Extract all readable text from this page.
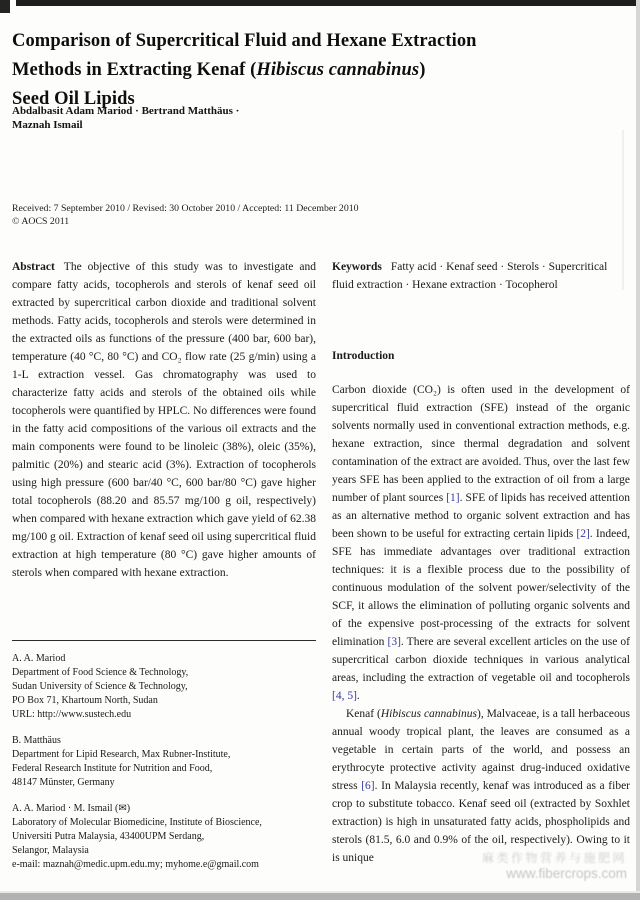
Comparison of Supercritical Fluid and Hexane Extraction
Methods in Extracting Kenaf (Hibiscus cannabinus)
Seed Oil Lipids
Abdalbasit Adam Mariod · Bertrand Matthäus ·
Maznah Ismail
Received: 7 September 2010 / Revised: 30 October 2010 / Accepted: 11 December 2010
© AOCS 2011
Abstract The objective of this study was to investigate and compare fatty acids, tocopherols and sterols of kenaf seed oil extracted by supercritical carbon dioxide and traditional solvent methods. Fatty acids, tocopherols and sterols were determined in the extracted oils as functions of the pressure (400 bar, 600 bar), temperature (40 °C, 80 °C) and CO₂ flow rate (25 g/min) using a 1-L extraction vessel. Gas chromatography was used to characterize fatty acids and sterols of the obtained oils while tocopherols were quantified by HPLC. No differences were found in the fatty acid compositions of the various oil extracts and the main components were found to be linoleic (38%), oleic (35%), palmitic (20%) and stearic acid (3%). Extraction of tocopherols using high pressure (600 bar/40 °C, 600 bar/80 °C) gave higher total tocopherols (88.20 and 85.57 mg/100 g oil, respectively) when compared with hexane extraction which gave yield of 62.38 mg/100 g oil. Extraction of kenaf seed oil using supercritical fluid extraction at high temperature (80 °C) gave higher amounts of sterols when compared with hexane extraction.
Keywords Fatty acid · Kenaf seed · Sterols · Supercritical fluid extraction · Hexane extraction · Tocopherol
Introduction

Carbon dioxide (CO₂) is often used in the development of supercritical fluid extraction (SFE) instead of the organic solvents normally used in conventional extraction methods, e.g. hexane extraction, since thermal degradation and solvent contamination of the extract are avoided. Thus, over the last few years SFE has been applied to the extraction of oil from a large number of plant sources [1]. SFE of lipids has received attention as an alternative method to organic solvent extraction and has been shown to be useful for extracting certain lipids [2]. Indeed, SFE has immediate advantages over traditional extraction techniques: it is a flexible process due to the possibility of continuous modulation of the solvent power/selectivity of the SCF, it allows the elimination of polluting organic solvents and of the expensive post-processing of the extracts for solvent elimination [3]. There are several excellent articles on the use of supercritical carbon dioxide techniques in various analytical areas, including the extraction of vegetable oil and tocopherols [4, 5].

Kenaf (Hibiscus cannabinus), Malvaceae, is a tall herbaceous annual woody tropical plant, the leaves are consumed as a vegetable in certain parts of the world, and possess an erythrocyte protective activity against drug-induced oxidative stress [6]. In Malaysia recently, kenaf was introduced as a fiber crop to substitute tobacco. Kenaf seed oil (extracted by Soxhlet extraction) is high in unsaturated fatty acids, phospholipids and sterols (81.5, 6.0 and 0.9% of the oil, respectively). Owing to it is unique

A. A. Mariod
Department of Food Science & Technology,
Sudan University of Science & Technology,
PO Box 71, Khartoum North, Sudan
URL: http://www.sustech.edu
B. Matthäus
Department for Lipid Research, Max Rubner-Institute,
Federal Research Institute for Nutrition and Food,
48147 Münster, Germany
A. A. Mariod · M. Ismail (✉)
Laboratory of Molecular Biomedicine, Institute of Bioscience,
Universiti Putra Malaysia, 43400UPM Serdang,
Selangor, Malaysia
e-mail: maznah@medic.upm.edu.my; myhome.e@gmail.com	麻类作物营养与施肥网
www.fibercrops.com
